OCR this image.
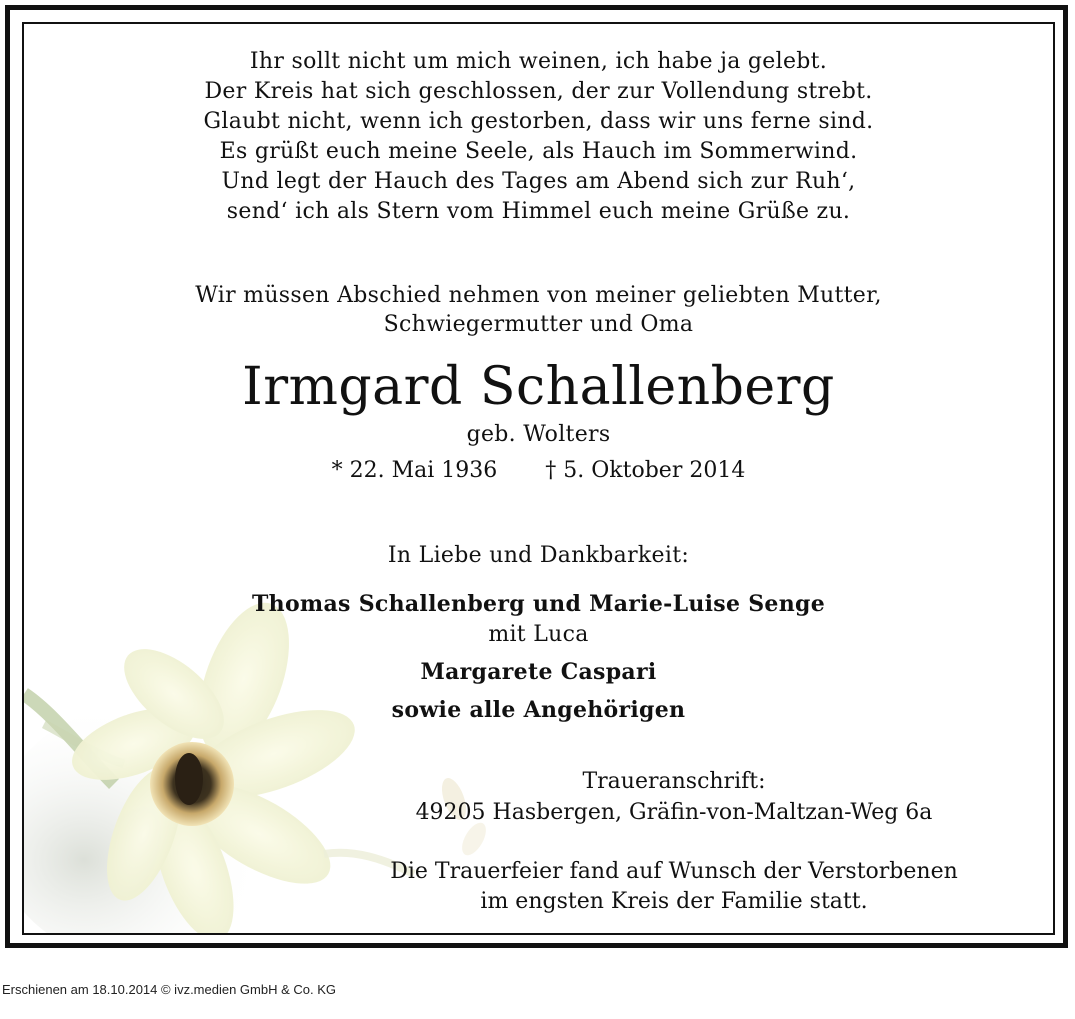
Ihr sollt nicht um mich weinen, ich habe ja gelebt.
Der Kreis hat sich geschlossen, der zur Vollendung strebt.
Glaubt nicht, wenn ich gestorben, dass wir uns ferne sind.
Es grüßt euch meine Seele, als Hauch im Sommerwind.
Und legt der Hauch des Tages am Abend sich zur Ruh‘,
send‘ ich als Stern vom Himmel euch meine Grüße zu.
Wir müssen Abschied nehmen von meiner geliebten Mutter,
Schwiegermutter und Oma
Irmgard Schallenberg
geb. Wolters
* 22. Mai 1936 † 5. Oktober 2014
In Liebe und Dankbarkeit:
Thomas Schallenberg und Marie-Luise Senge
mit Luca
Margarete Caspari
sowie alle Angehörigen
Traueranschrift:
49205 Hasbergen, Gräfin-von-Maltzan-Weg 6a
Die Trauerfeier fand auf Wunsch der Verstorbenen
im engsten Kreis der Familie statt.
Erschienen am 18.10.2014 © ivz.medien GmbH & Co. KG
